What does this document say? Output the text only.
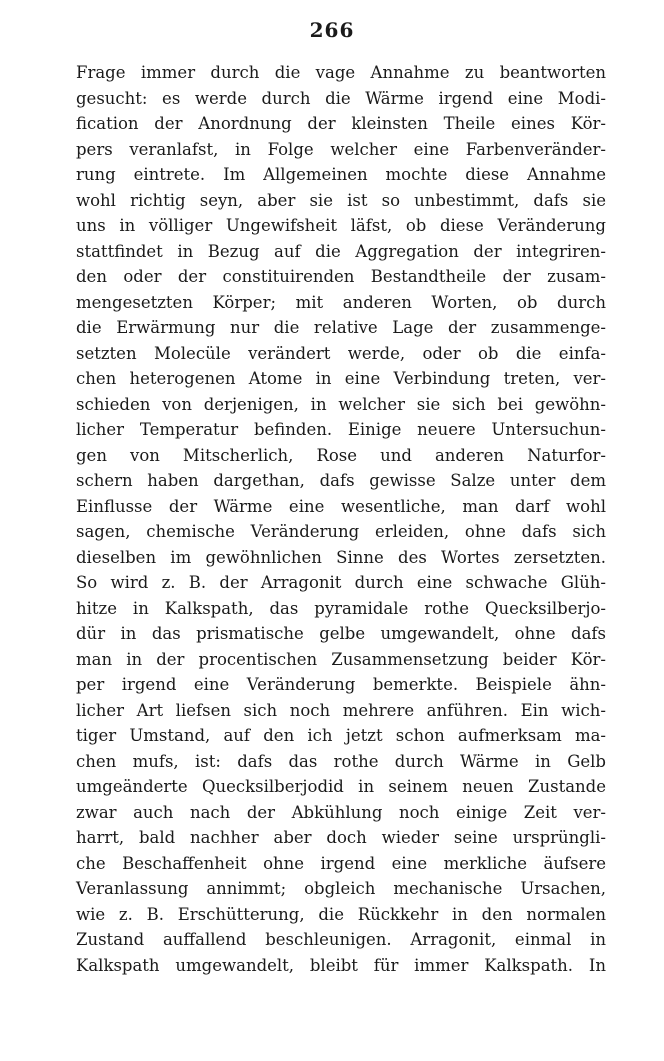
266
Frage immer durch die vage Annahme zu beantworten
gesucht: es werde durch die Wärme irgend eine Modi-
fication der Anordnung der kleinsten Theile eines Kör-
pers veranlafst, in Folge welcher eine Farbenveränder-
rung eintrete. Im Allgemeinen mochte diese Annahme
wohl richtig seyn, aber sie ist so unbestimmt, dafs sie
uns in völliger Ungewifsheit läfst, ob diese Veränderung
stattfindet in Bezug auf die Aggregation der integriren-
den oder der constituirenden Bestandtheile der zusam-
mengesetzten Körper; mit anderen Worten, ob durch
die Erwärmung nur die relative Lage der zusammenge-
setzten Molecüle verändert werde, oder ob die einfa-
chen heterogenen Atome in eine Verbindung treten, ver-
schieden von derjenigen, in welcher sie sich bei gewöhn-
licher Temperatur befinden. Einige neuere Untersuchun-
gen von Mitscherlich, Rose und anderen Naturfor-
schern haben dargethan, dafs gewisse Salze unter dem
Einflusse der Wärme eine wesentliche, man darf wohl
sagen, chemische Veränderung erleiden, ohne dafs sich
dieselben im gewöhnlichen Sinne des Wortes zersetzten.
So wird z. B. der Arragonit durch eine schwache Glüh-
hitze in Kalkspath, das pyramidale rothe Quecksilberjo-
dür in das prismatische gelbe umgewandelt, ohne dafs
man in der procentischen Zusammensetzung beider Kör-
per irgend eine Veränderung bemerkte. Beispiele ähn-
licher Art liefsen sich noch mehrere anführen. Ein wich-
tiger Umstand, auf den ich jetzt schon aufmerksam ma-
chen mufs, ist: dafs das rothe durch Wärme in Gelb
umgeänderte Quecksilberjodid in seinem neuen Zustande
zwar auch nach der Abkühlung noch einige Zeit ver-
harrt, bald nachher aber doch wieder seine ursprüngli-
che Beschaffenheit ohne irgend eine merkliche äufsere
Veranlassung annimmt; obgleich mechanische Ursachen,
wie z. B. Erschütterung, die Rückkehr in den normalen
Zustand auffallend beschleunigen. Arragonit, einmal in
Kalkspath umgewandelt, bleibt für immer Kalkspath. In
